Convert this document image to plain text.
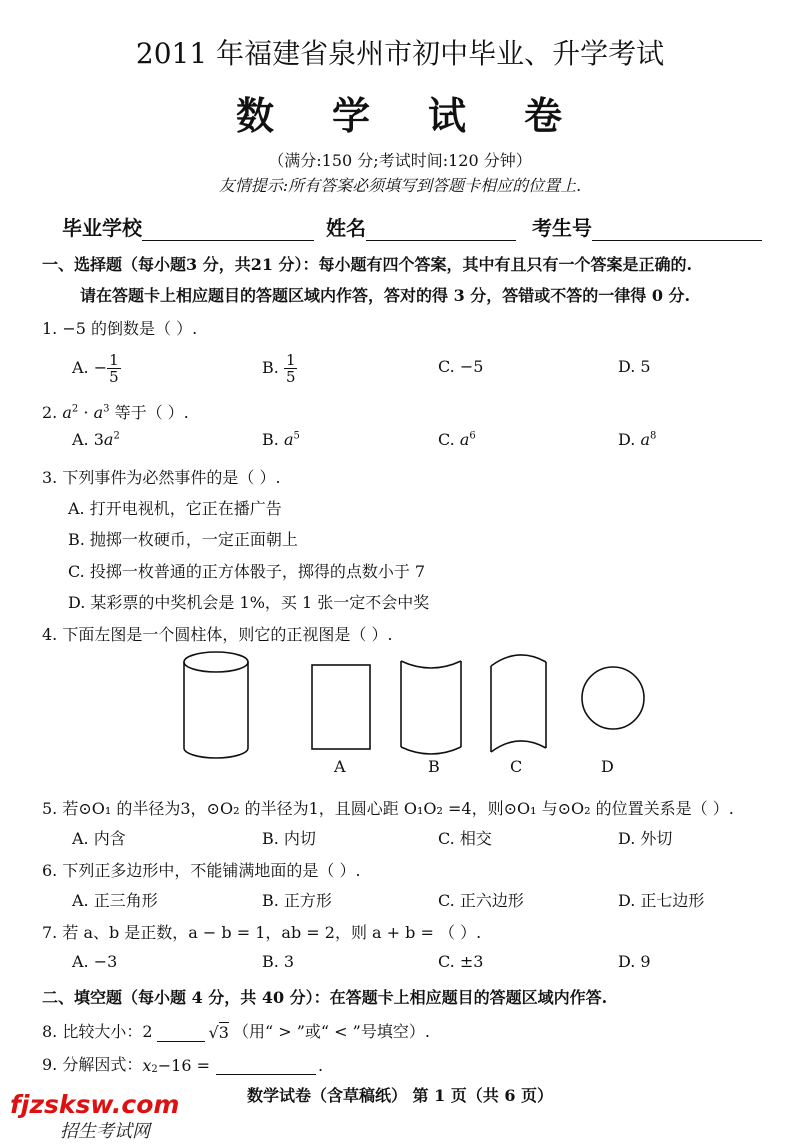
2011 年福建省泉州市初中毕业、升学考试
数 学 试 卷
（满分:150 分;考试时间:120 分钟）
友情提示:所有答案必须填写到答题卡相应的位置上.
毕业学校	姓名	考生号
一、选择题（每小题3 分，共21 分）：每小题有四个答案，其中有且只有一个答案是正确的.
请在答题卡上相应题目的答题区域内作答，答对的得 3 分，答错或不答的一律得 0 分.
1. −5 的倒数是（ ）.
A. − $\frac{1}{5}$	B. $\frac{1}{5}$	C. −5	D. 5
2. $a^2 \cdot a^3$ 等于（ ）.
A. $3a^2$	B. $a^5$	C. $a^6$	D. $a^8$
3. 下列事件为必然事件的是（ ）.
A. 打开电视机，它正在播广告
B. 抛掷一枚硬币，一定正面朝上
C. 投掷一枚普通的正方体骰子，掷得的点数小于 7
D. 某彩票的中奖机会是 1%，买 1 张一定不会中奖
4. 下面左图是一个圆柱体，则它的正视图是（ ）.
A	B	C	D
5. 若⊙O₁ 的半径为3，⊙O₂ 的半径为1，且圆心距 O₁O₂ =4，则⊙O₁ 与⊙O₂ 的位置关系是（ ）.
A. 内含	B. 内切	C. 相交	D. 外切
6. 下列正多边形中，不能铺满地面的是（ ）.
A. 正三角形	B. 正方形	C. 正六边形	D. 正七边形
7. 若 a、b 是正数，a − b = 1，ab = 2，则 a + b = （ ）.
A. −3	B. 3	C. ±3	D. 9
二、填空题（每小题 4 分，共 40 分）：在答题卡上相应题目的答题区域内作答.
8. 比较大小：2	√ 3 （用“ > ”或“ < ”号填空）.
9. 分解因式： $x_2 -16$ =	.
数学试卷（含草稿纸） 第 1 页（共 6 页）
fjzsksw.com
招生考试网
